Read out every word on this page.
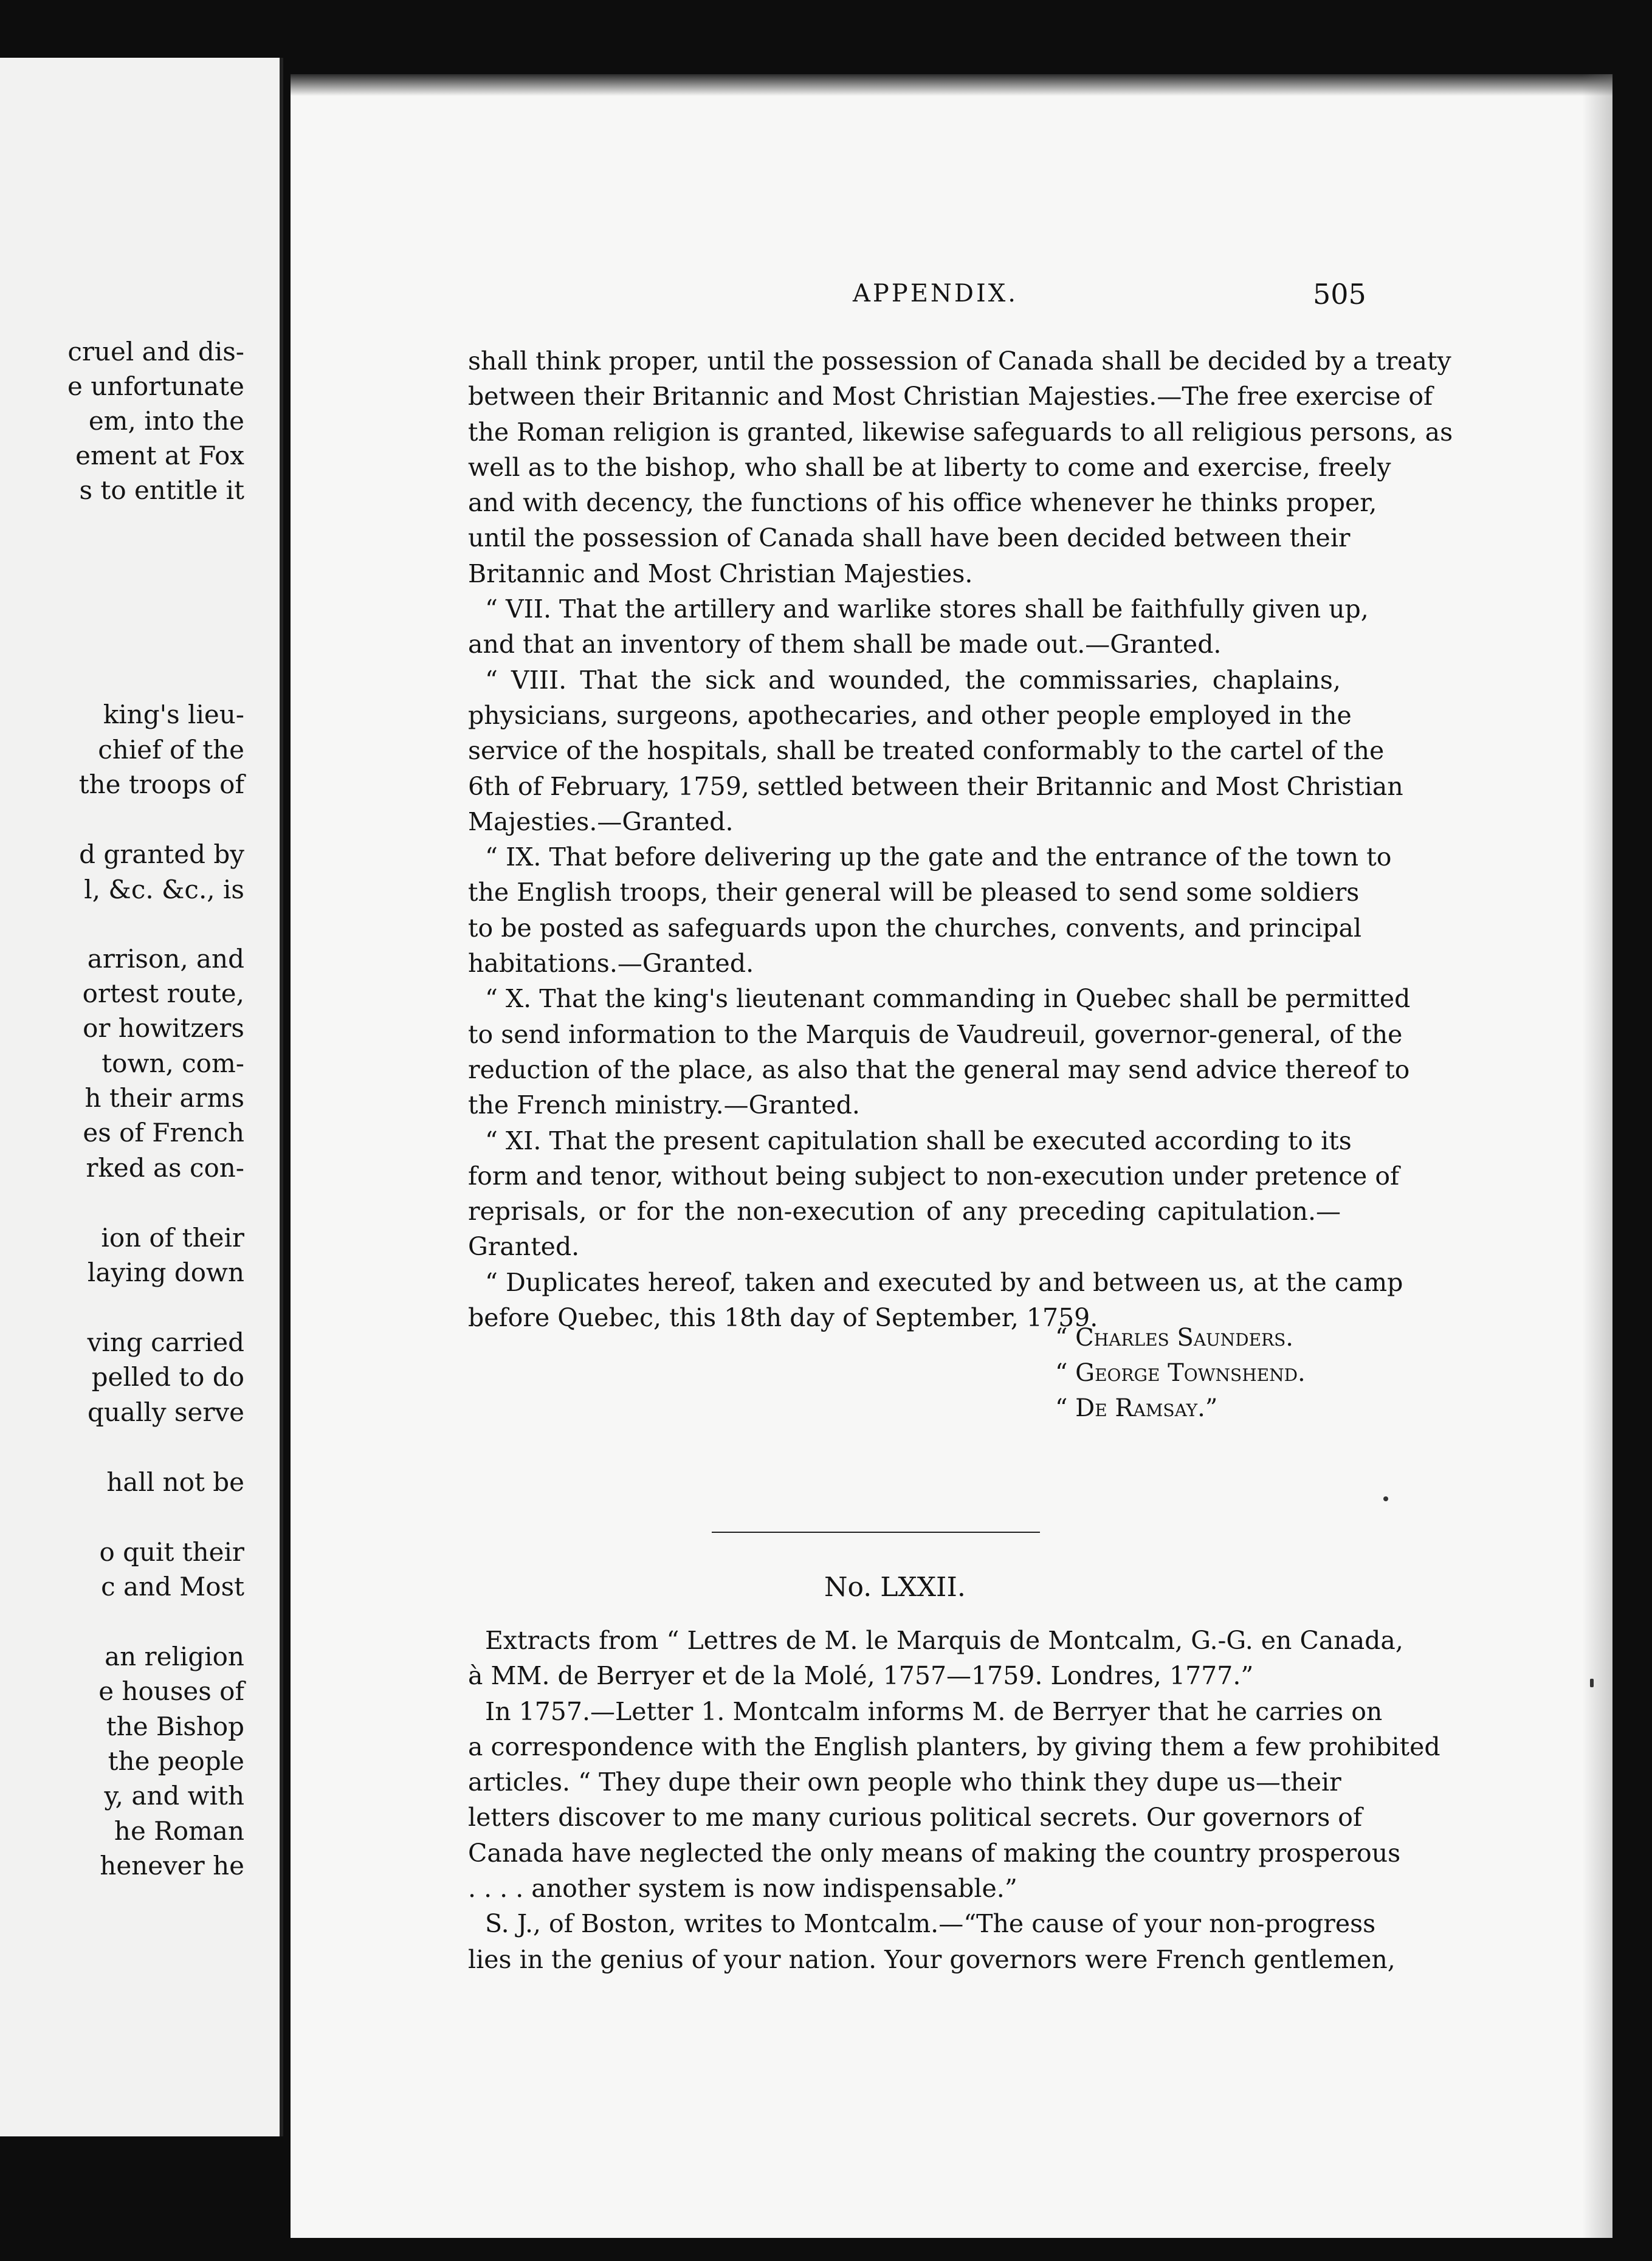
cruel and dis-
e unfortunate
em, into the
ement at Fox
s to entitle it
king's lieu-
chief of the
the troops of
d granted by
l, &c. &c., is
arrison, and
ortest route,
or howitzers
town, com-
h their arms
es of French
rked as con-
ion of their
laying down
ving carried
pelled to do
qually serve
hall not be
o quit their
c and Most
an religion
e houses of
the Bishop
the people
y, and with
he Roman
henever he
APPENDIX.	505
shall think proper, until the possession of Canada shall be decided by a treaty
between their Britannic and Most Christian Majesties.—The free exercise of
the Roman religion is granted, likewise safeguards to all religious persons, as
well as to the bishop, who shall be at liberty to come and exercise, freely
and with decency, the functions of his office whenever he thinks proper,
until the possession of Canada shall have been decided between their
Britannic and Most Christian Majesties.
“ VII. That the artillery and warlike stores shall be faithfully given up,
and that an inventory of them shall be made out.—Granted.
“ VIII. That the sick and wounded, the commissaries, chaplains,
physicians, surgeons, apothecaries, and other people employed in the
service of the hospitals, shall be treated conformably to the cartel of the
6th of February, 1759, settled between their Britannic and Most Christian
Majesties.—Granted.
“ IX. That before delivering up the gate and the entrance of the town to
the English troops, their general will be pleased to send some soldiers
to be posted as safeguards upon the churches, convents, and principal
habitations.—Granted.
“ X. That the king's lieutenant commanding in Quebec shall be permitted
to send information to the Marquis de Vaudreuil, governor-general, of the
reduction of the place, as also that the general may send advice thereof to
the French ministry.—Granted.
“ XI. That the present capitulation shall be executed according to its
form and tenor, without being subject to non-execution under pretence of
reprisals, or for the non-execution of any preceding capitulation.—
Granted.
“ Duplicates hereof, taken and executed by and between us, at the camp
before Quebec, this 18th day of September, 1759.
“ Charles Saunders.
“ George Townshend.
“ De Ramsay.”
No. LXXII.
Extracts from “ Lettres de M. le Marquis de Montcalm, G.-G. en Canada,
à MM. de Berryer et de la Molé, 1757—1759. Londres, 1777.”
In 1757.—Letter 1. Montcalm informs M. de Berryer that he carries on
a correspondence with the English planters, by giving them a few prohibited
articles. “ They dupe their own people who think they dupe us—their
letters discover to me many curious political secrets. Our governors of
Canada have neglected the only means of making the country prosperous
. . . . another system is now indispensable.”
S. J., of Boston, writes to Montcalm.—“The cause of your non-progress
lies in the genius of your nation. Your governors were French gentlemen,
